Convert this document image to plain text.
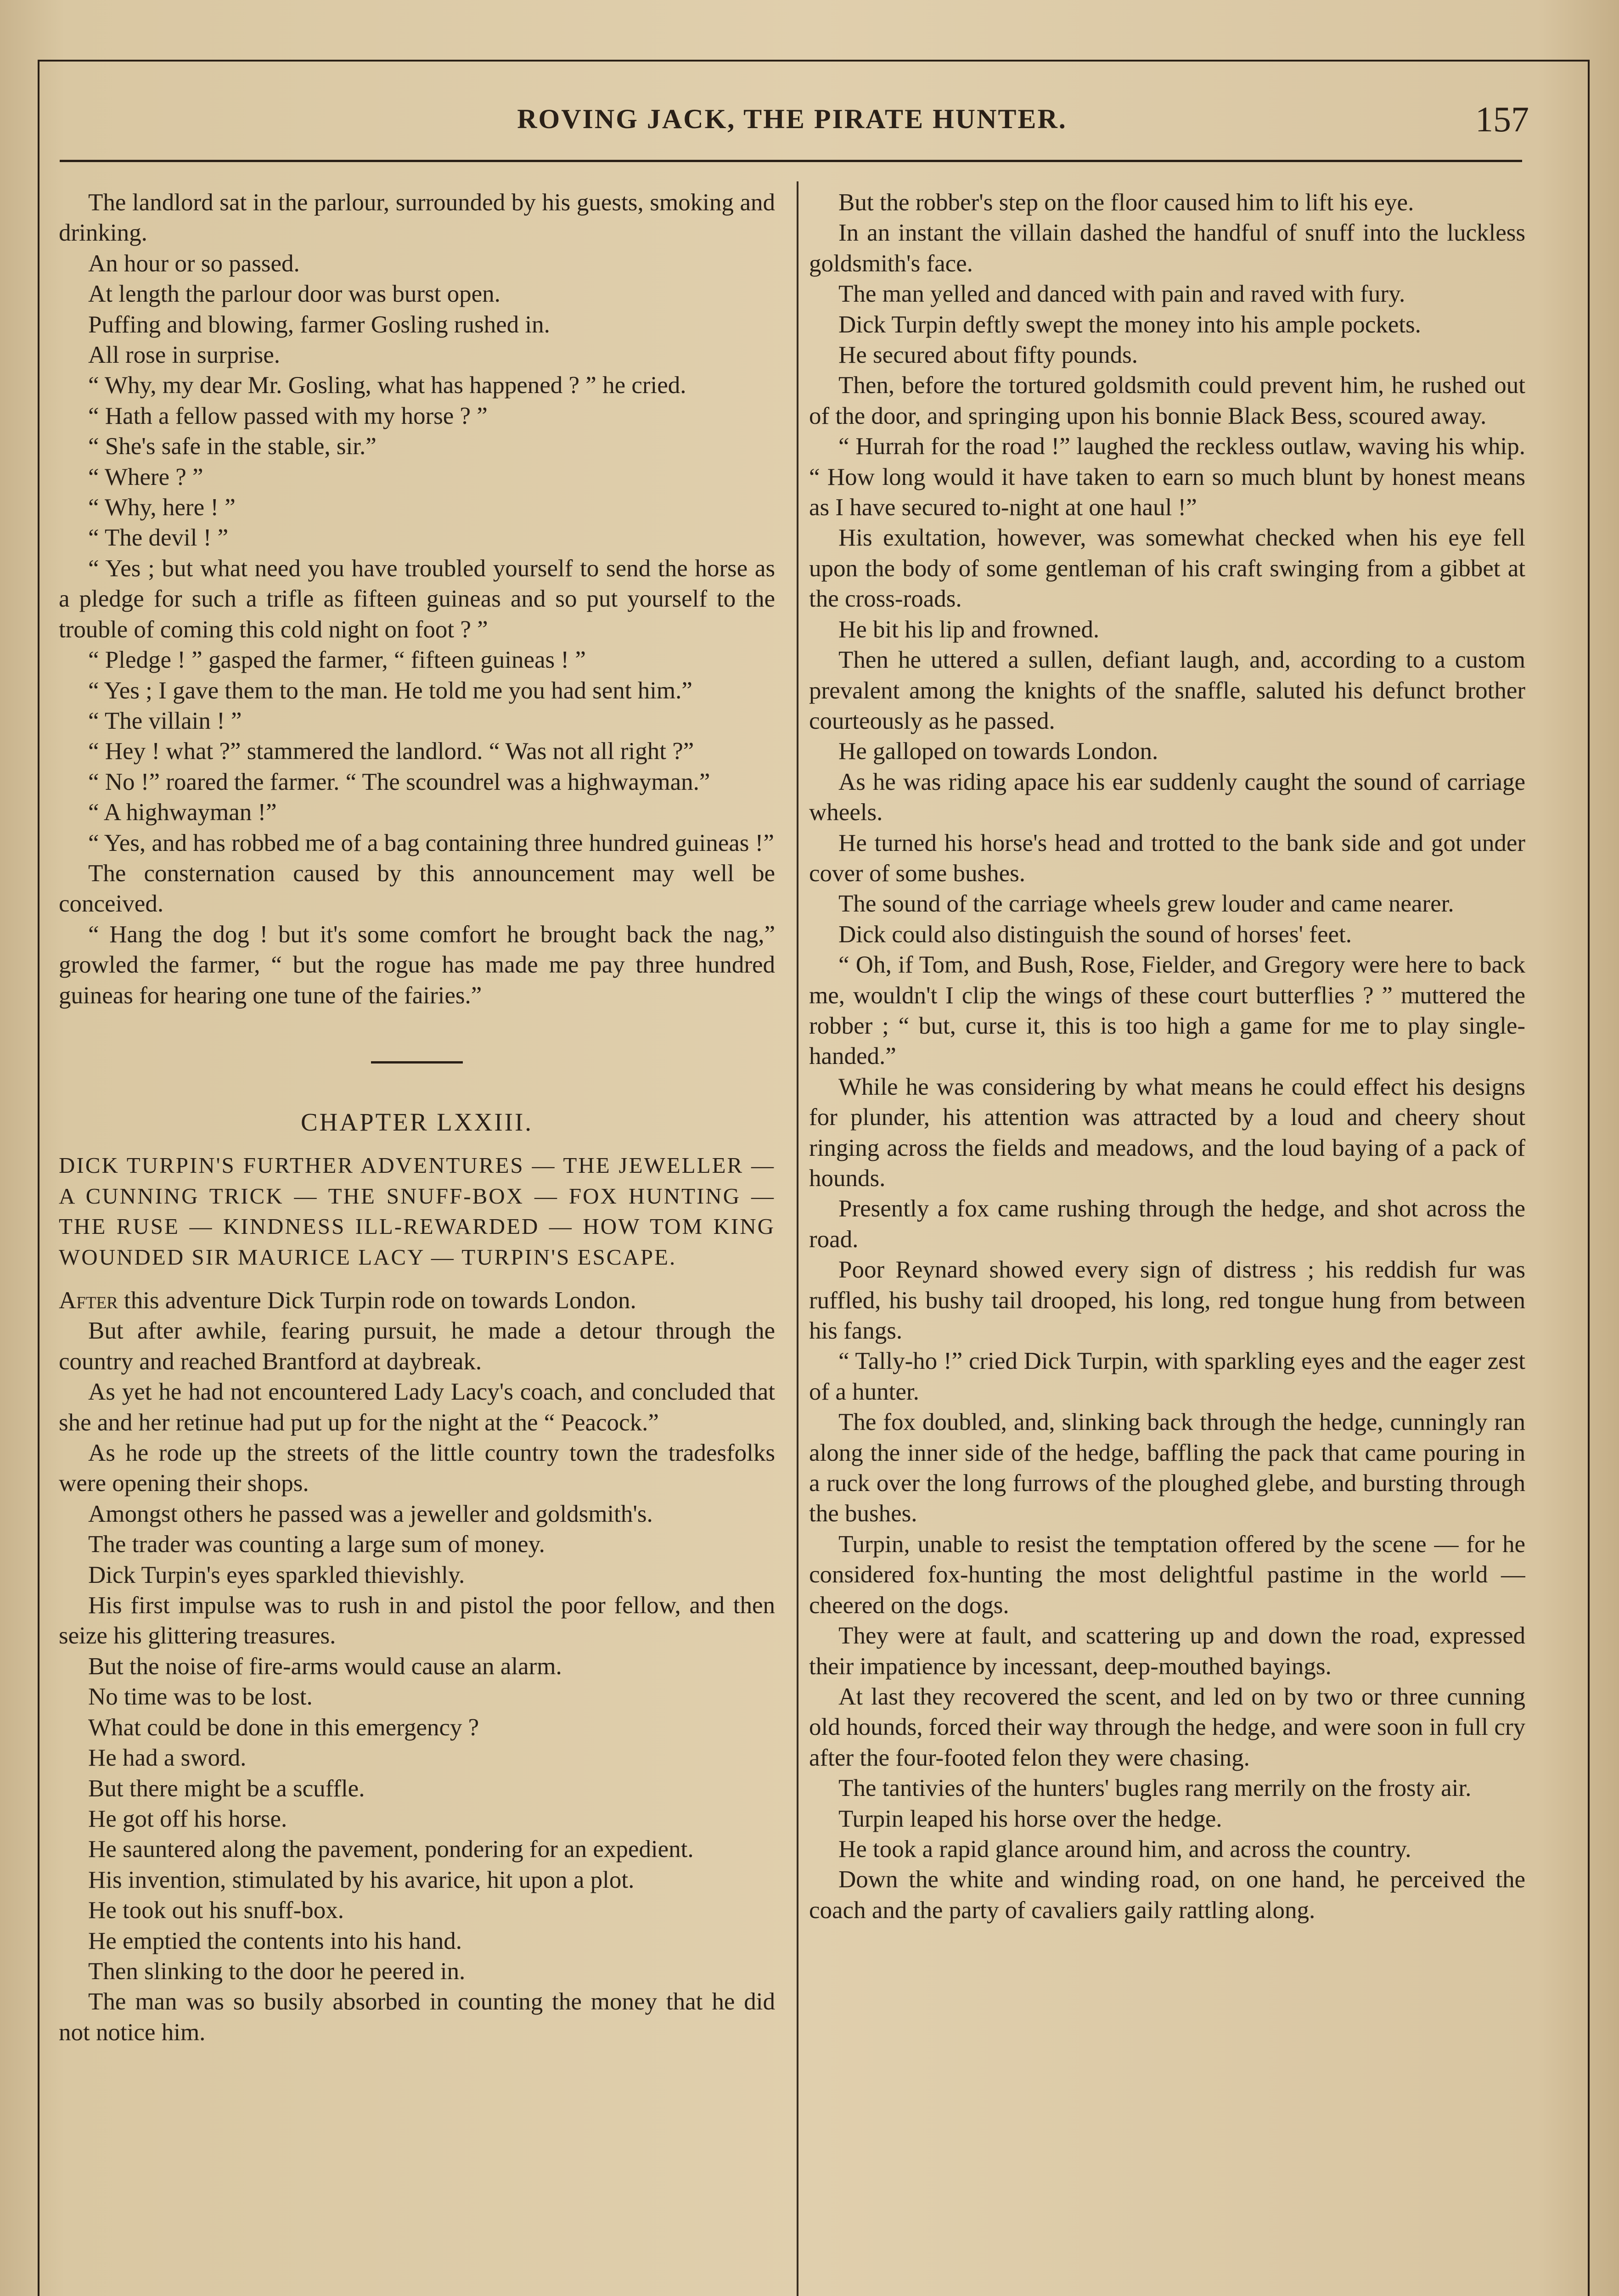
ROVING JACK, THE PIRATE HUNTER.	157

The landlord sat in the parlour, surrounded by his guests, smoking and drinking.

An hour or so passed.

At length the parlour door was burst open.

Puffing and blowing, farmer Gosling rushed in.

All rose in surprise.

“ Why, my dear Mr. Gosling, what has happened ? ” he cried.

“ Hath a fellow passed with my horse ? ”

“ She's safe in the stable, sir.”

“ Where ? ”

“ Why, here ! ”

“ The devil ! ”

“ Yes ; but what need you have troubled yourself to send the horse as a pledge for such a trifle as fifteen guineas and so put yourself to the trouble of coming this cold night on foot ? ”

“ Pledge ! ” gasped the farmer, “ fifteen guineas ! ”

“ Yes ; I gave them to the man. He told me you had sent him.”

“ The villain ! ”

“ Hey ! what ?” stammered the landlord. “ Was not all right ?”

“ No !” roared the farmer. “ The scoundrel was a highwayman.”

“ A highwayman !”

“ Yes, and has robbed me of a bag containing three hundred guineas !”

The consternation caused by this announcement may well be conceived.

“ Hang the dog ! but it's some comfort he brought back the nag,” growled the farmer, “ but the rogue has made me pay three hundred guineas for hearing one tune of the fairies.”

CHAPTER LXXIII.

DICK TURPIN'S FURTHER ADVENTURES — THE JEWELLER — A CUNNING TRICK — THE SNUFF-BOX — FOX HUNTING — THE RUSE — KINDNESS ILL-REWARDED — HOW TOM KING WOUNDED SIR MAURICE LACY — TURPIN'S ESCAPE.

After this adventure Dick Turpin rode on towards London.

But after awhile, fearing pursuit, he made a detour through the country and reached Brantford at daybreak.

As yet he had not encountered Lady Lacy's coach, and concluded that she and her retinue had put up for the night at the “ Peacock.”

As he rode up the streets of the little country town the tradesfolks were opening their shops.

Amongst others he passed was a jeweller and goldsmith's.

The trader was counting a large sum of money.

Dick Turpin's eyes sparkled thievishly.

His first impulse was to rush in and pistol the poor fellow, and then seize his glittering treasures.

But the noise of fire-arms would cause an alarm.

No time was to be lost.

What could be done in this emergency ?

He had a sword.

But there might be a scuffle.

He got off his horse.

He sauntered along the pavement, pondering for an expedient.

His invention, stimulated by his avarice, hit upon a plot.

He took out his snuff-box.

He emptied the contents into his hand.

Then slinking to the door he peered in.

The man was so busily absorbed in counting the money that he did not notice him.

But the robber's step on the floor caused him to lift his eye.

In an instant the villain dashed the handful of snuff into the luckless goldsmith's face.

The man yelled and danced with pain and raved with fury.

Dick Turpin deftly swept the money into his ample pockets.

He secured about fifty pounds.

Then, before the tortured goldsmith could prevent him, he rushed out of the door, and springing upon his bonnie Black Bess, scoured away.

“ Hurrah for the road !” laughed the reckless outlaw, waving his whip. “ How long would it have taken to earn so much blunt by honest means as I have secured to-night at one haul !”

His exultation, however, was somewhat checked when his eye fell upon the body of some gentleman of his craft swinging from a gibbet at the cross-roads.

He bit his lip and frowned.

Then he uttered a sullen, defiant laugh, and, according to a custom prevalent among the knights of the snaffle, saluted his defunct brother courteously as he passed.

He galloped on towards London.

As he was riding apace his ear suddenly caught the sound of carriage wheels.

He turned his horse's head and trotted to the bank side and got under cover of some bushes.

The sound of the carriage wheels grew louder and came nearer.

Dick could also distinguish the sound of horses' feet.

“ Oh, if Tom, and Bush, Rose, Fielder, and Gregory were here to back me, wouldn't I clip the wings of these court butterflies ? ” muttered the robber ; “ but, curse it, this is too high a game for me to play single-handed.”

While he was considering by what means he could effect his designs for plunder, his attention was attracted by a loud and cheery shout ringing across the fields and meadows, and the loud baying of a pack of hounds.

Presently a fox came rushing through the hedge, and shot across the road.

Poor Reynard showed every sign of distress ; his reddish fur was ruffled, his bushy tail drooped, his long, red tongue hung from between his fangs.

“ Tally-ho !” cried Dick Turpin, with sparkling eyes and the eager zest of a hunter.

The fox doubled, and, slinking back through the hedge, cunningly ran along the inner side of the hedge, baffling the pack that came pouring in a ruck over the long furrows of the ploughed glebe, and bursting through the bushes.

Turpin, unable to resist the temptation offered by the scene — for he considered fox-hunting the most delightful pastime in the world — cheered on the dogs.

They were at fault, and scattering up and down the road, expressed their impatience by incessant, deep-mouthed bayings.

At last they recovered the scent, and led on by two or three cunning old hounds, forced their way through the hedge, and were soon in full cry after the four-footed felon they were chasing.

The tantivies of the hunters' bugles rang merrily on the frosty air.

Turpin leaped his horse over the hedge.

He took a rapid glance around him, and across the country.

Down the white and winding road, on one hand, he perceived the coach and the party of cavaliers gaily rattling along.
